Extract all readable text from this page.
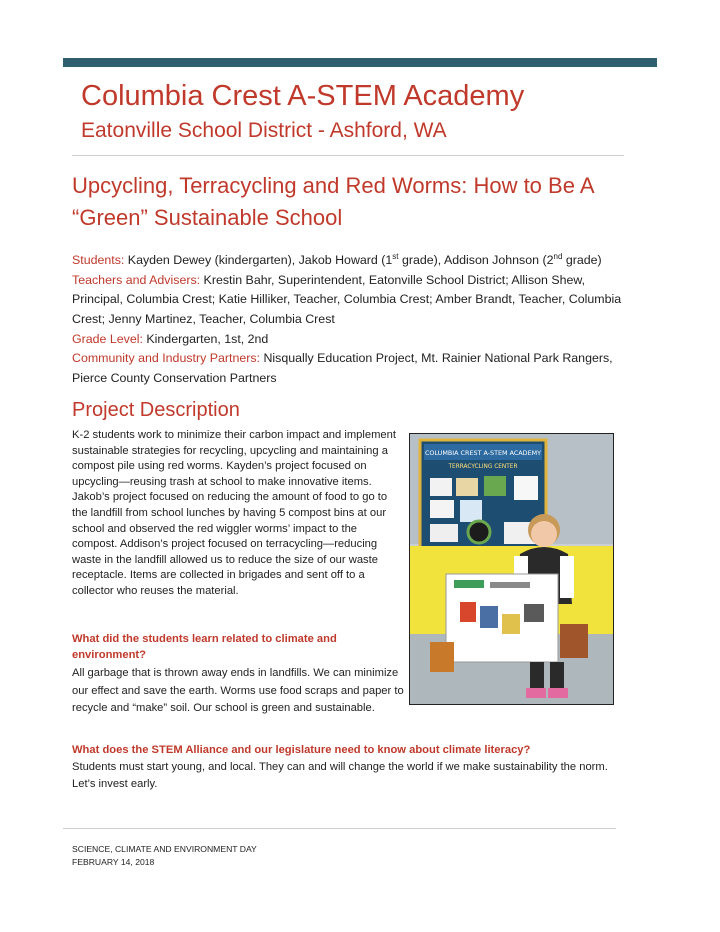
Columbia Crest A-STEM Academy
Eatonville School District - Ashford, WA
Upcycling, Terracycling and Red Worms: How to Be A
“Green” Sustainable School
Students: Kayden Dewey (kindergarten), Jakob Howard (1st grade), Addison Johnson (2nd grade)
Teachers and Advisers: Krestin Bahr, Superintendent, Eatonville School District; Allison Shew, Principal, Columbia Crest; Katie Hilliker, Teacher, Columbia Crest; Amber Brandt, Teacher, Columbia Crest; Jenny Martinez, Teacher, Columbia Crest
Grade Level: Kindergarten, 1st, 2nd
Community and Industry Partners: Nisqually Education Project, Mt. Rainier National Park Rangers, Pierce County Conservation Partners
Project Description
K-2 students work to minimize their carbon impact and implement sustainable strategies for recycling, upcycling and maintaining a compost pile using red worms. Kayden’s project focused on upcycling—reusing trash at school to make innovative items. Jakob’s project focused on reducing the amount of food to go to the landfill from school lunches by having 5 compost bins at our school and observed the red wiggler worms’ impact to the compost. Addison’s project focused on terracycling—reducing waste in the landfill allowed us to reduce the size of our waste receptacle. Items are collected in brigades and sent off to a collector who reuses the material.
COLUMBIA CREST A-STEM ACADEMY
TERRACYCLING CENTER
What did the students learn related to climate and environment?
All garbage that is thrown away ends in landfills. We can minimize our effect and save the earth. Worms use food scraps and paper to recycle and “make” soil. Our school is green and sustainable.
What does the STEM Alliance and our legislature need to know about climate literacy?
Students must start young, and local. They can and will change the world if we make sustainability the norm. Let’s invest early.
SCIENCE, CLIMATE AND ENVIRONMENT DAY
FEBRUARY 14, 2018
